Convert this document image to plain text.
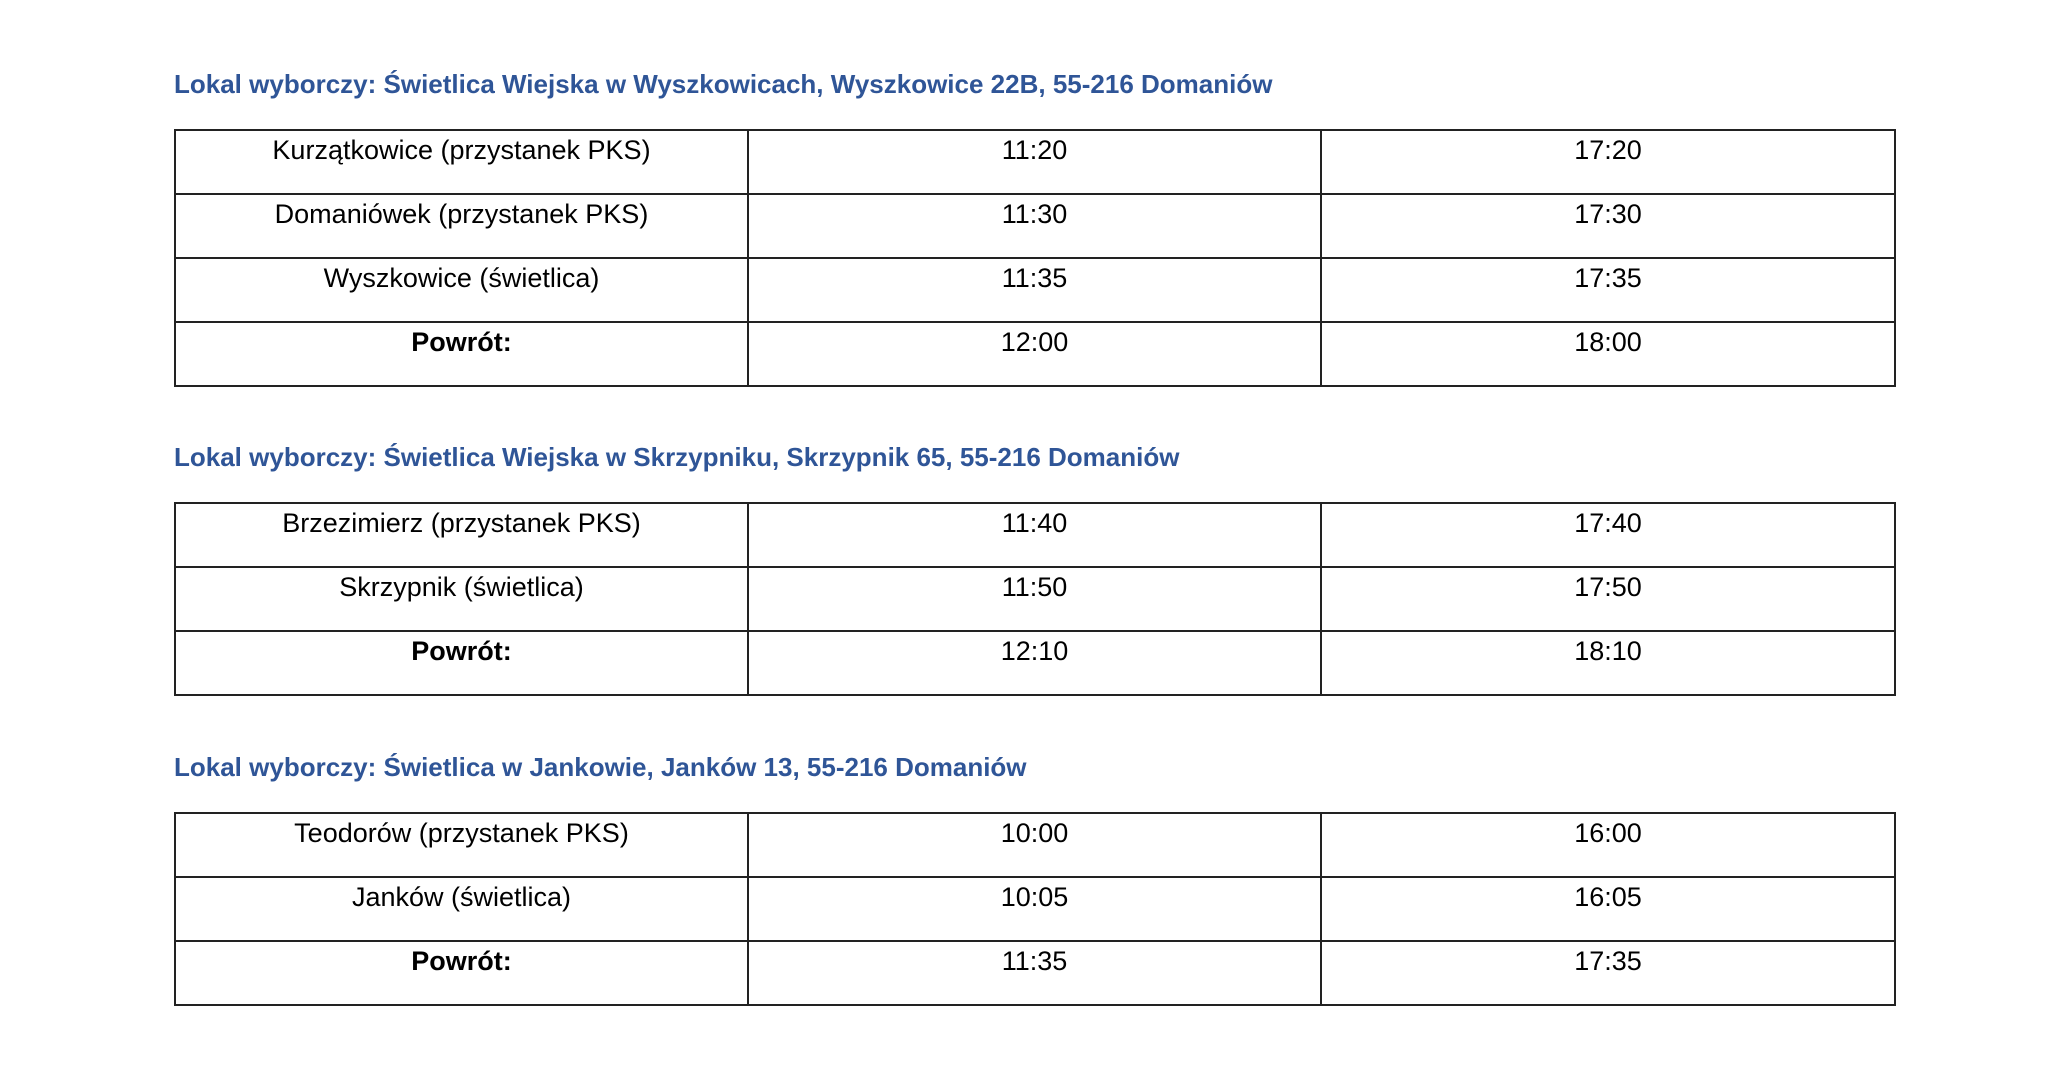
Lokal wyborczy: Świetlica Wiejska w Wyszkowicach, Wyszkowice 22B, 55-216 Domaniów
Kurzątkowice (przystanek PKS)	11:20	17:20
Domaniówek (przystanek PKS)	11:30	17:30
Wyszkowice (świetlica)	11:35	17:35
Powrót:	12:00	18:00
Lokal wyborczy: Świetlica Wiejska w Skrzypniku, Skrzypnik 65, 55-216 Domaniów
Brzezimierz (przystanek PKS)	11:40	17:40
Skrzypnik (świetlica)	11:50	17:50
Powrót:	12:10	18:10
Lokal wyborczy: Świetlica w Jankowie, Janków 13, 55-216 Domaniów
Teodorów (przystanek PKS)	10:00	16:00
Janków (świetlica)	10:05	16:05
Powrót:	11:35	17:35
